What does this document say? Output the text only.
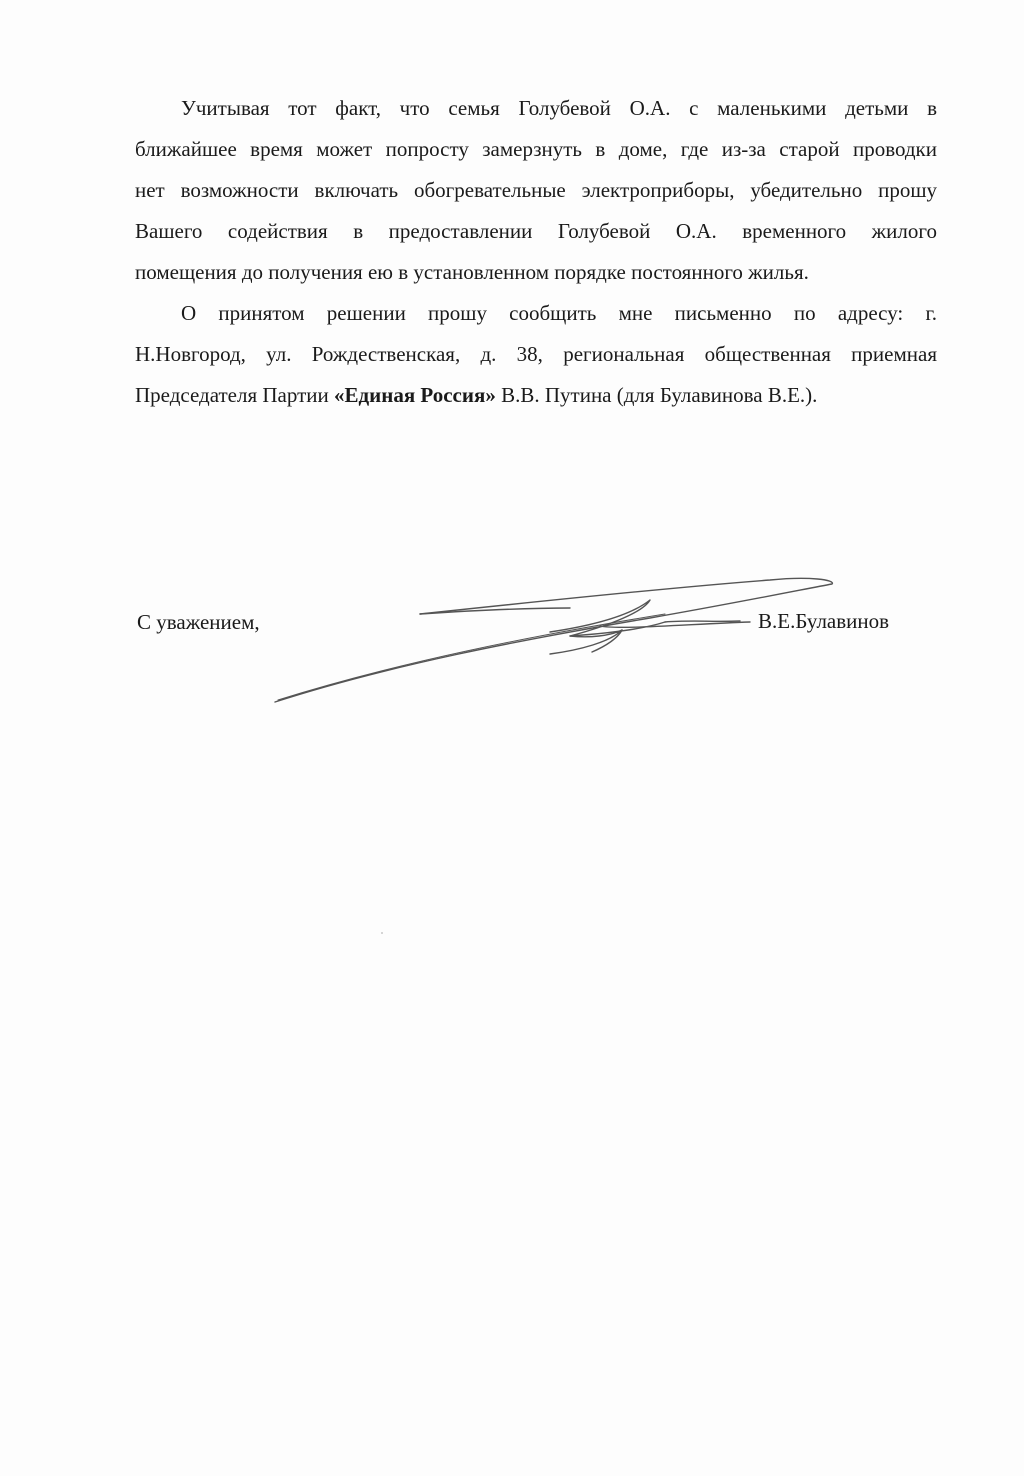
Учитывая тот факт, что семья Голубевой О.А. с маленькими детьми в
ближайшее время может попросту замерзнуть в доме, где из-за старой проводки
нет возможности включать обогревательные электроприборы, убедительно прошу
Вашего содействия в предоставлении Голубевой О.А. временного жилого
помещения до получения ею в установленном порядке постоянного жилья.

О принятом решении прошу сообщить мне письменно по адресу: г.
Н.Новгород, ул. Рождественская, д. 38, региональная общественная приемная
Председателя Партии «Единая Россия» В.В. Путина (для Булавинова В.Е.).

С уважением,	В.Е.Булавинов
